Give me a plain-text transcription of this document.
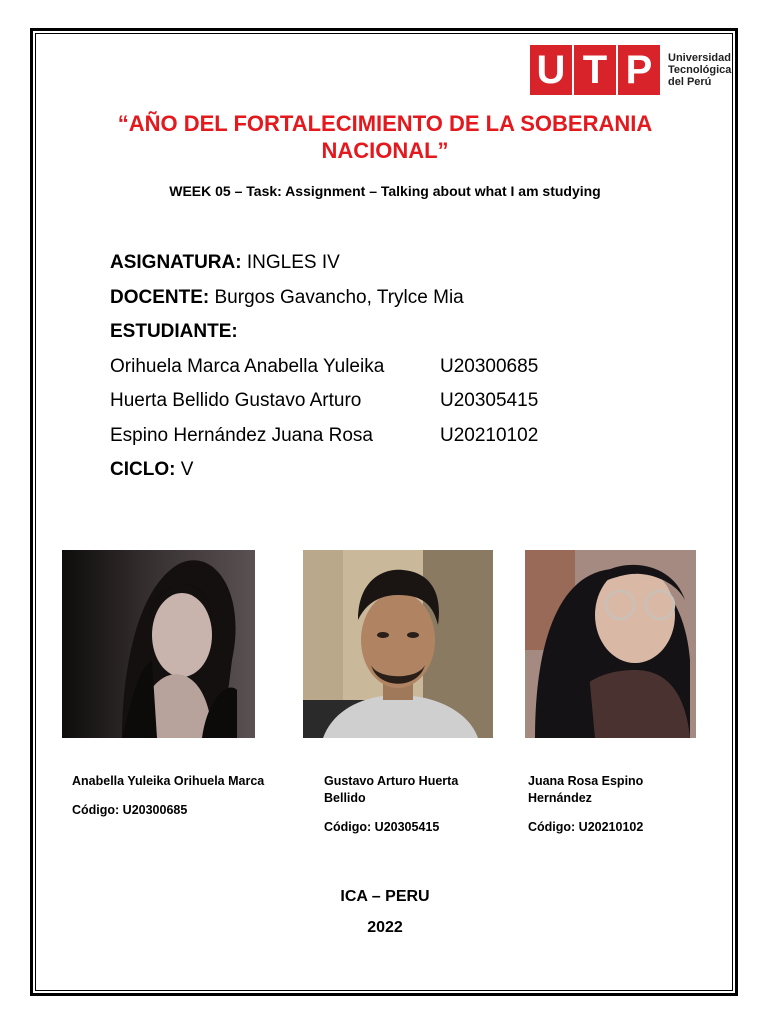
U T P	Universidad
Tecnológica
del Perú
“AÑO DEL FORTALECIMIENTO DE LA SOBERANIA NACIONAL”
WEEK 05 – Task: Assignment – Talking about what I am studying
ASIGNATURA: INGLES IV
DOCENTE: Burgos Gavancho, Trylce Mia
ESTUDIANTE:
Orihuela Marca Anabella Yuleika	U20300685
Huerta Bellido Gustavo Arturo	U20305415
Espino Hernández Juana Rosa	U20210102
CICLO: V
Anabella Yuleika Orihuela Marca
Código: U20300685
Gustavo Arturo Huerta Bellido
Código: U20305415
Juana Rosa Espino Hernández
Código: U20210102
ICA – PERU
2022
